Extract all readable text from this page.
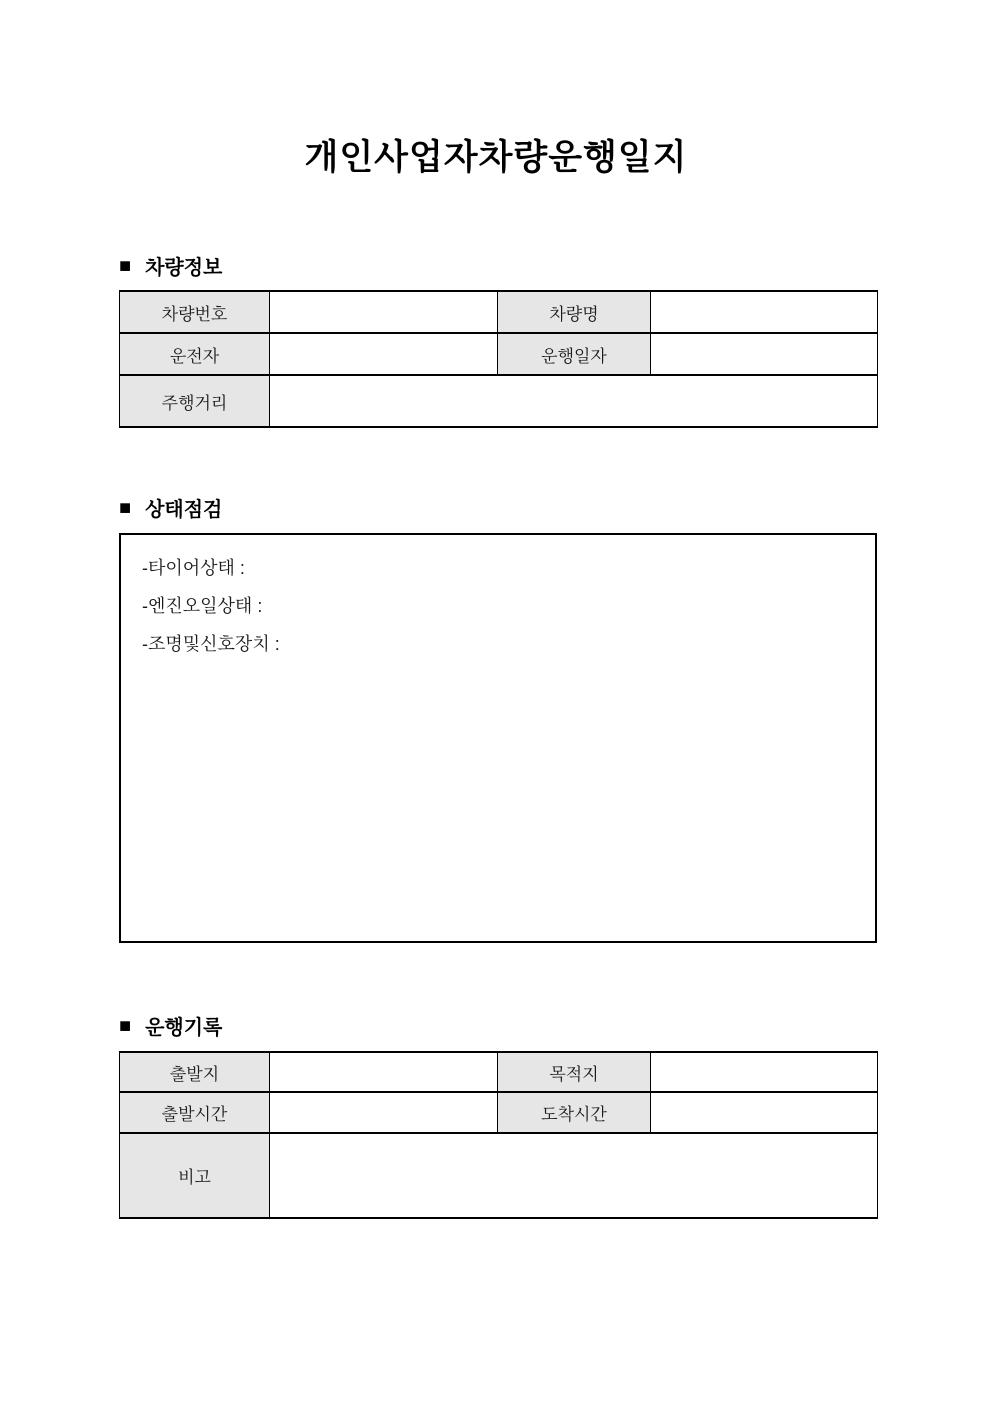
개인사업자차량운행일지
■ 차량정보
차량번호		차량명	
운전자		운행일자	
주행거리			
■ 상태점검
-타이어상태 :
-엔진오일상태 :
-조명및신호장치 :
■ 운행기록
출발지		목적지	
출발시간		도착시간	
비고			
